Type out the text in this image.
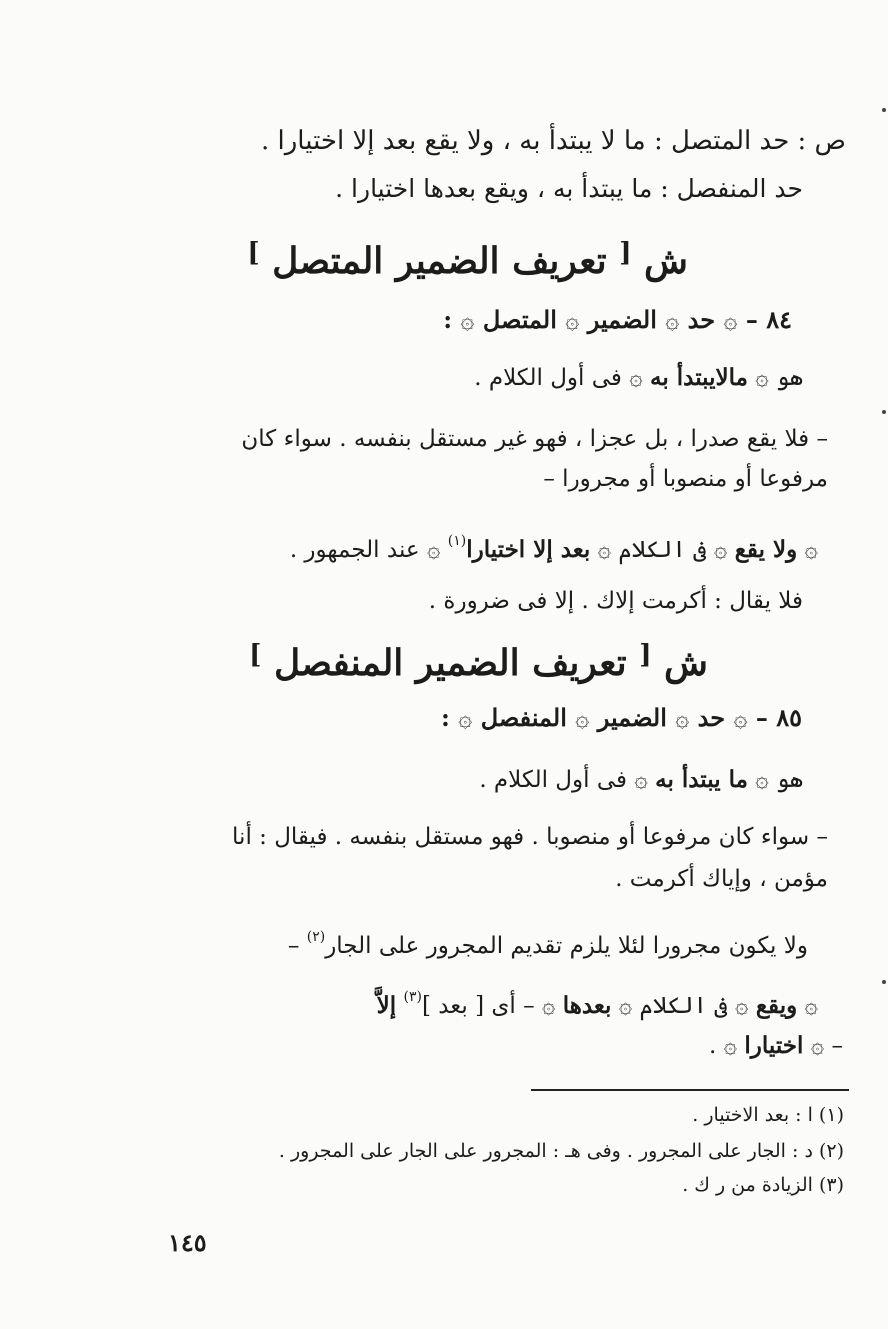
ص : حد المتصل : ما لا يبتدأ به ، ولا يقع بعد إلا اختيارا .
حد المنفصل : ما يبتدأ به ، ويقع بعدها اختيارا .
ش [ تعريف الضمير المتصل ]
٨٤ – ۞ حد ۞ الضمير ۞ المتصل ۞ :
هو ۞ مالايبتدأ به ۞ فى أول الكلام .
– فلا يقع صدرا ، بل عجزا ، فهو غير مستقل بنفسه . سواء كان
مرفوعا أو منصوبا أو مجرورا –
۞ ولا يقع ۞ فى الكلام ۞ بعد إلا اختيارا$^{(١)}$ ۞ عند الجمهور .
فلا يقال : أكرمت إلاك . إلا فى ضرورة .
ش [ تعريف الضمير المنفصل ]
٨٥ – ۞ حد ۞ الضمير ۞ المنفصل ۞ :
هو ۞ ما يبتدأ به ۞ فى أول الكلام .
– سواء كان مرفوعا أو منصوبا . فهو مستقل بنفسه . فيقال : أنا
مؤمن ، وإياك أكرمت .
ولا يكون مجرورا لئلا يلزم تقديم المجرور على الجار$^{(٢)}$ –
۞ ويقع ۞ فى الكلام ۞ بعدها ۞ – أى [ بعد ]$^{(٣)}$ إلاَّ
– ۞ اختيارا ۞ .
(١) ا : بعد الاختيار .
(٢) د : الجار على المجرور . وفى هـ : المجرور على الجار على المجرور .
(٣) الزيادة من ر ك .
١٤٥
